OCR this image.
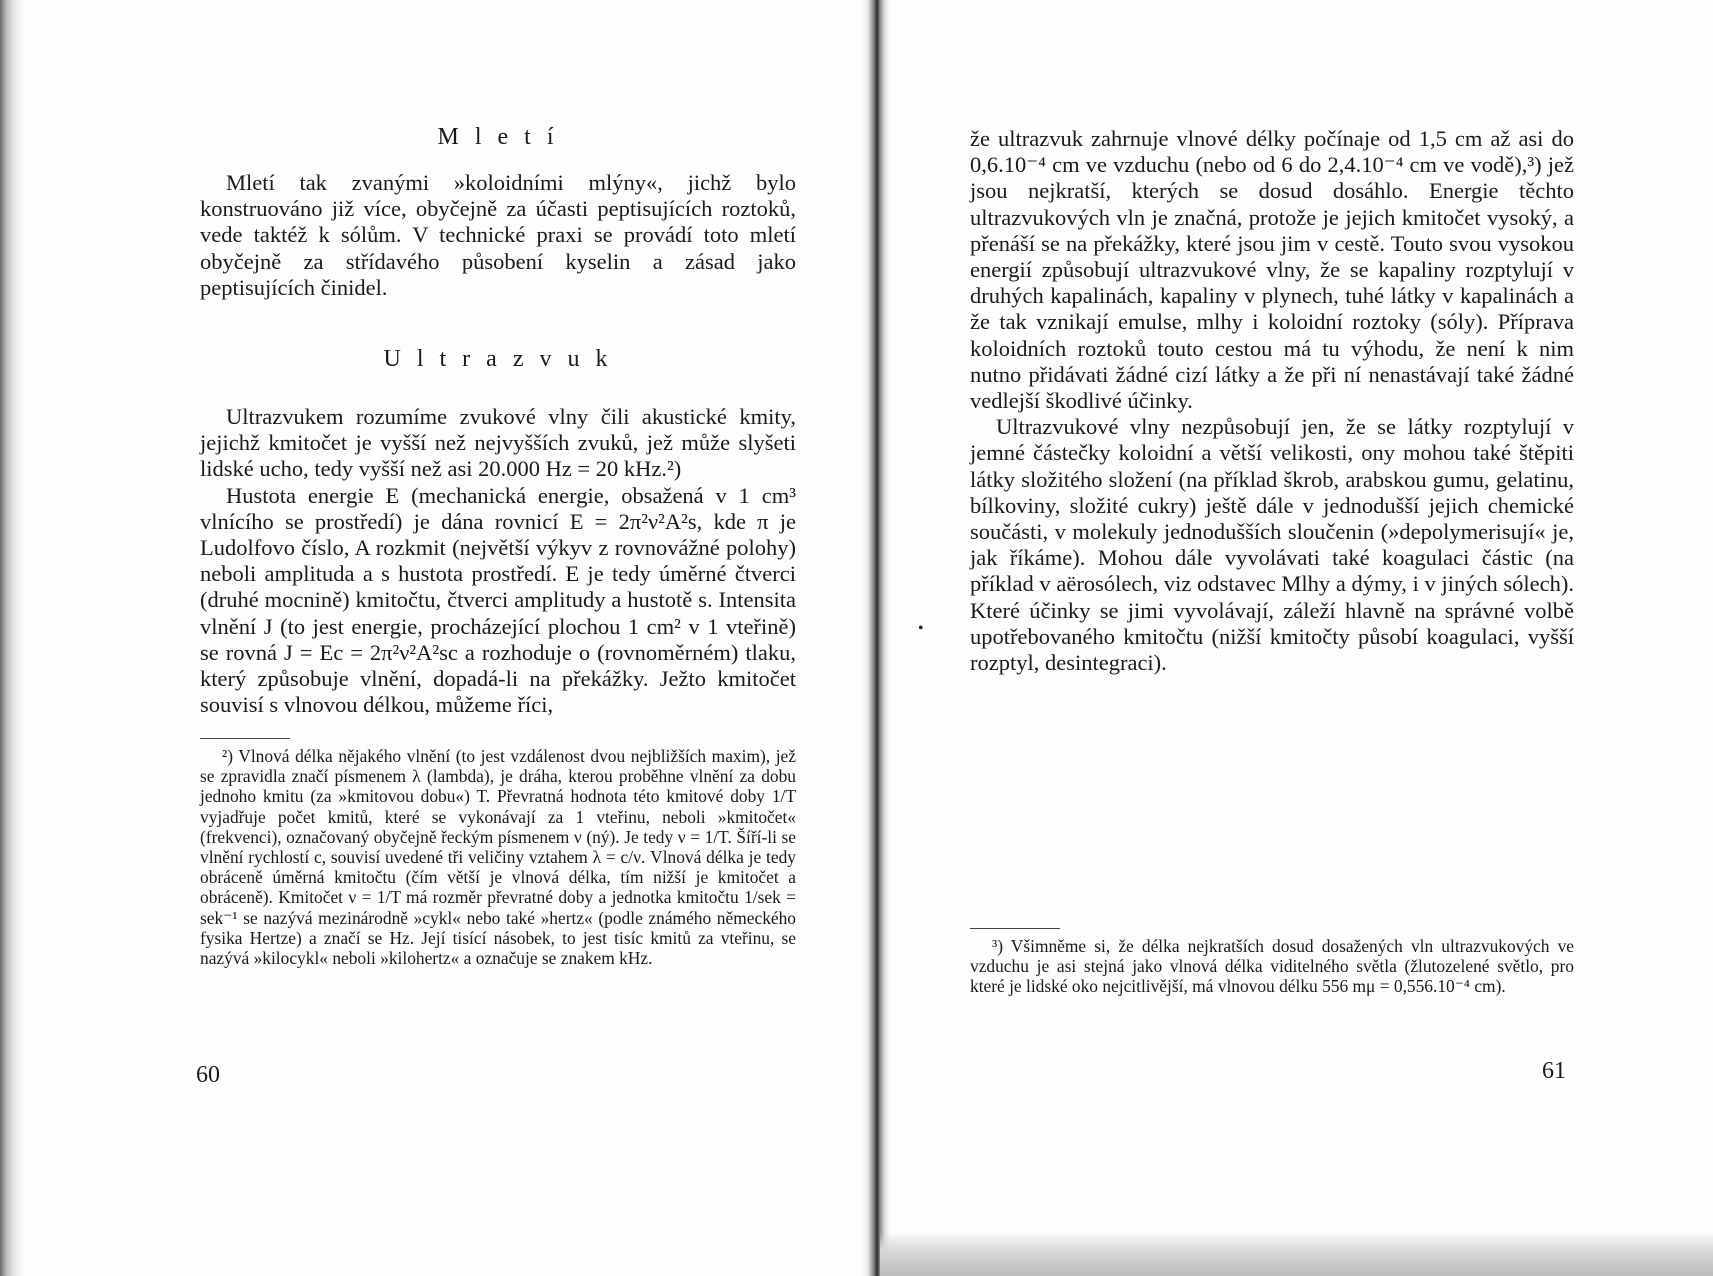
M l e t í

Mletí tak zvanými »koloidními mlýny«, jichž bylo konstruováno již více, obyčejně za účasti peptisujících roztoků, vede taktéž k sólům. V technické praxi se provádí toto mletí obyčejně za střídavého působení kyselin a zásad jako peptisujících činidel.

U l t r a z v u k

Ultrazvukem rozumíme zvukové vlny čili akustické kmity, jejichž kmitočet je vyšší než nejvyšších zvuků, jež může slyšeti lidské ucho, tedy vyšší než asi 20.000 Hz = 20 kHz.²)

Hustota energie E (mechanická energie, obsažená v 1 cm³ vlnícího se prostředí) je dána rovnicí E = 2π²ν²A²s, kde π je Ludolfovo číslo, A rozkmit (největší výkyv z rovnovážné polohy) neboli amplituda a s hustota prostředí. E je tedy úměrné čtverci (druhé mocnině) kmitočtu, čtverci amplitudy a hustotě s. Intensita vlnění J (to jest energie, procházející plochou 1 cm² v 1 vteřině) se rovná J = Ec = 2π²ν²A²sc a rozhoduje o (rovnoměrném) tlaku, který způsobuje vlnění, dopadá-li na překážky. Ježto kmitočet souvisí s vlnovou délkou, můžeme říci,

²) Vlnová délka nějakého vlnění (to jest vzdálenost dvou nejbližších maxim), jež se zpravidla značí písmenem λ (lambda), je dráha, kterou proběhne vlnění za dobu jednoho kmitu (za »kmitovou dobu«) T. Převratná hodnota této kmitové doby 1/T vyjadřuje počet kmitů, které se vykonávají za 1 vteřinu, neboli »kmitočet« (frekvenci), označovaný obyčejně řeckým písmenem ν (ný). Je tedy ν = 1/T. Šíří-li se vlnění rychlostí c, souvisí uvedené tři veličiny vztahem λ = c/ν. Vlnová délka je tedy obráceně úměrná kmitočtu (čím větší je vlnová délka, tím nižší je kmitočet a obráceně). Kmitočet ν = 1/T má rozměr převratné doby a jednotka kmitočtu 1/sek = sek⁻¹ se nazývá mezinárodně »cykl« nebo také »hertz« (podle známého německého fysika Hertze) a značí se Hz. Její tisící násobek, to jest tisíc kmitů za vteřinu, se nazývá »kilocykl« neboli »kilohertz« a označuje se znakem kHz.

60

že ultrazvuk zahrnuje vlnové délky počínaje od 1,5 cm až asi do 0,6.10⁻⁴ cm ve vzduchu (nebo od 6 do 2,4.10⁻⁴ cm ve vodě),³) jež jsou nejkratší, kterých se dosud dosáhlo. Energie těchto ultrazvukových vln je značná, protože je jejich kmitočet vysoký, a přenáší se na překážky, které jsou jim v cestě. Touto svou vysokou energií způsobují ultrazvukové vlny, že se kapaliny rozptylují v druhých kapalinách, kapaliny v plynech, tuhé látky v kapalinách a že tak vznikají emulse, mlhy i koloidní roztoky (sóly). Příprava koloidních roztoků touto cestou má tu výhodu, že není k nim nutno přidávati žádné cizí látky a že při ní nenastávají také žádné vedlejší škodlivé účinky.

Ultrazvukové vlny nezpůsobují jen, že se látky rozptylují v jemné částečky koloidní a větší velikosti, ony mohou také štěpiti látky složitého složení (na příklad škrob, arabskou gumu, gelatinu, bílkoviny, složité cukry) ještě dále v jednodušší jejich chemické součásti, v molekuly jednodušších sloučenin (»depolymerisují« je, jak říkáme). Mohou dále vyvolávati také koagulaci částic (na příklad v aërosólech, viz odstavec Mlhy a dýmy, i v jiných sólech). Které účinky se jimi vyvolávají, záleží hlavně na správné volbě upotřebovaného kmitočtu (nižší kmitočty působí koagulaci, vyšší rozptyl, desintegraci).

³) Všimněme si, že délka nejkratších dosud dosažených vln ultrazvukových ve vzduchu je asi stejná jako vlnová délka viditelného světla (žlutozelené světlo, pro které je lidské oko nejcitlivější, má vlnovou délku 556 mμ = 0,556.10⁻⁴ cm).

61
•
